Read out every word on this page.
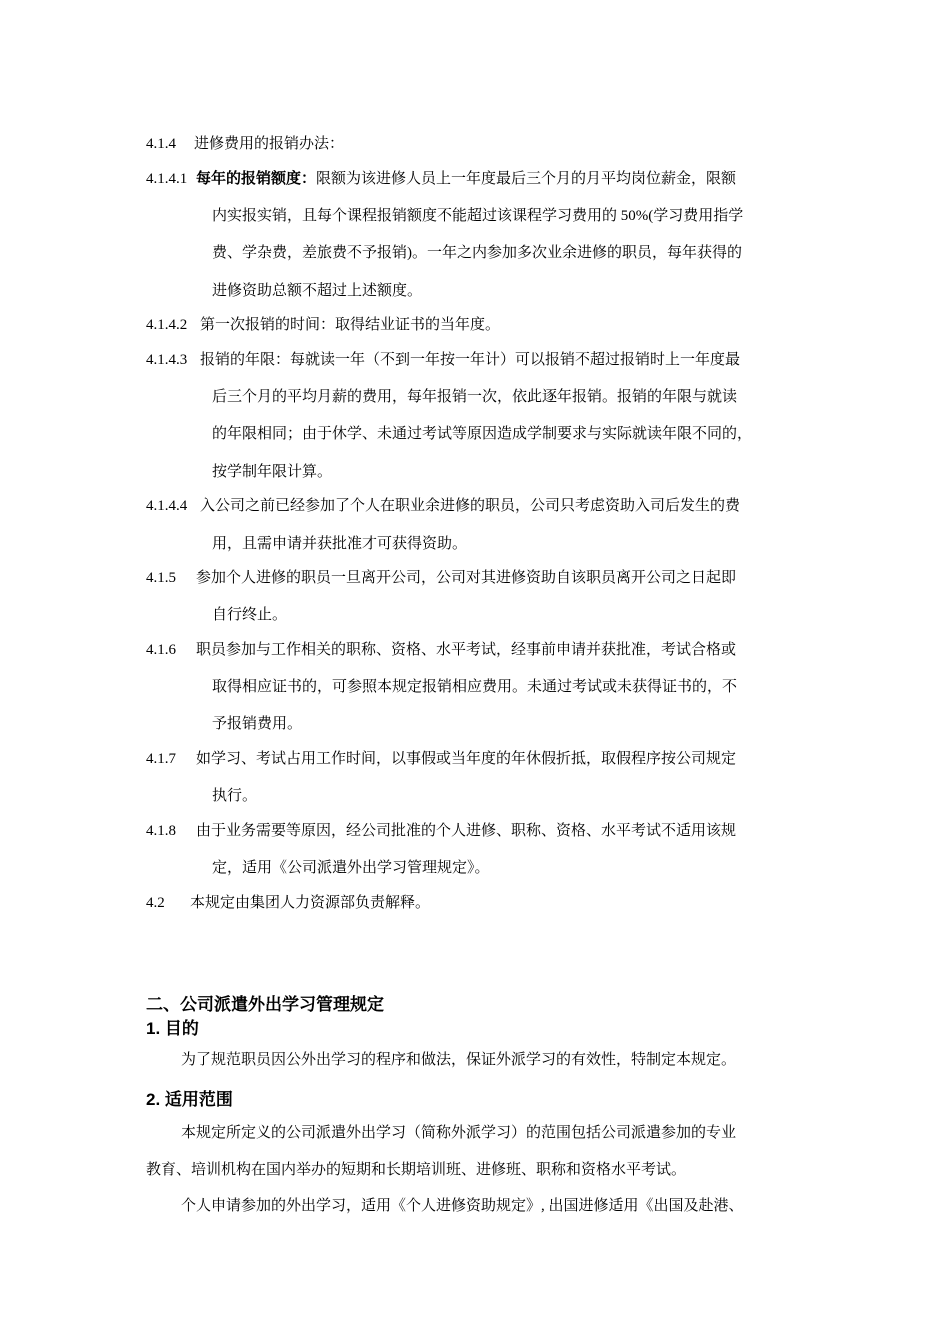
4.1.4 进修费用的报销办法：
4.1.4.1 每年的报销额度：限额为该进修人员上一年度最后三个月的月平均岗位薪金，限额
内实报实销，且每个课程报销额度不能超过该课程学习费用的 50%(学习费用指学
费、学杂费，差旅费不予报销)。一年之内参加多次业余进修的职员，每年获得的
进修资助总额不超过上述额度。
4.1.4.2 第一次报销的时间：取得结业证书的当年度。
4.1.4.3 报销的年限：每就读一年（不到一年按一年计）可以报销不超过报销时上一年度最
后三个月的平均月薪的费用，每年报销一次，依此逐年报销。报销的年限与就读
的年限相同；由于休学、未通过考试等原因造成学制要求与实际就读年限不同的，
按学制年限计算。
4.1.4.4 入公司之前已经参加了个人在职业余进修的职员，公司只考虑资助入司后发生的费
用，且需申请并获批准才可获得资助。
4.1.5 参加个人进修的职员一旦离开公司，公司对其进修资助自该职员离开公司之日起即
自行终止。
4.1.6 职员参加与工作相关的职称、资格、水平考试，经事前申请并获批准，考试合格或
取得相应证书的，可参照本规定报销相应费用。未通过考试或未获得证书的，不
予报销费用。
4.1.7 如学习、考试占用工作时间，以事假或当年度的年休假折抵，取假程序按公司规定
执行。
4.1.8 由于业务需要等原因，经公司批准的个人进修、职称、资格、水平考试不适用该规
定，适用《公司派遣外出学习管理规定》。
4.2 本规定由集团人力资源部负责解释。
二、公司派遣外出学习管理规定
1. 目的
为了规范职员因公外出学习的程序和做法，保证外派学习的有效性，特制定本规定。
2. 适用范围
本规定所定义的公司派遣外出学习（简称外派学习）的范围包括公司派遣参加的专业
教育、培训机构在国内举办的短期和长期培训班、进修班、职称和资格水平考试。
个人申请参加的外出学习，适用《个人进修资助规定》, 出国进修适用《出国及赴港、
